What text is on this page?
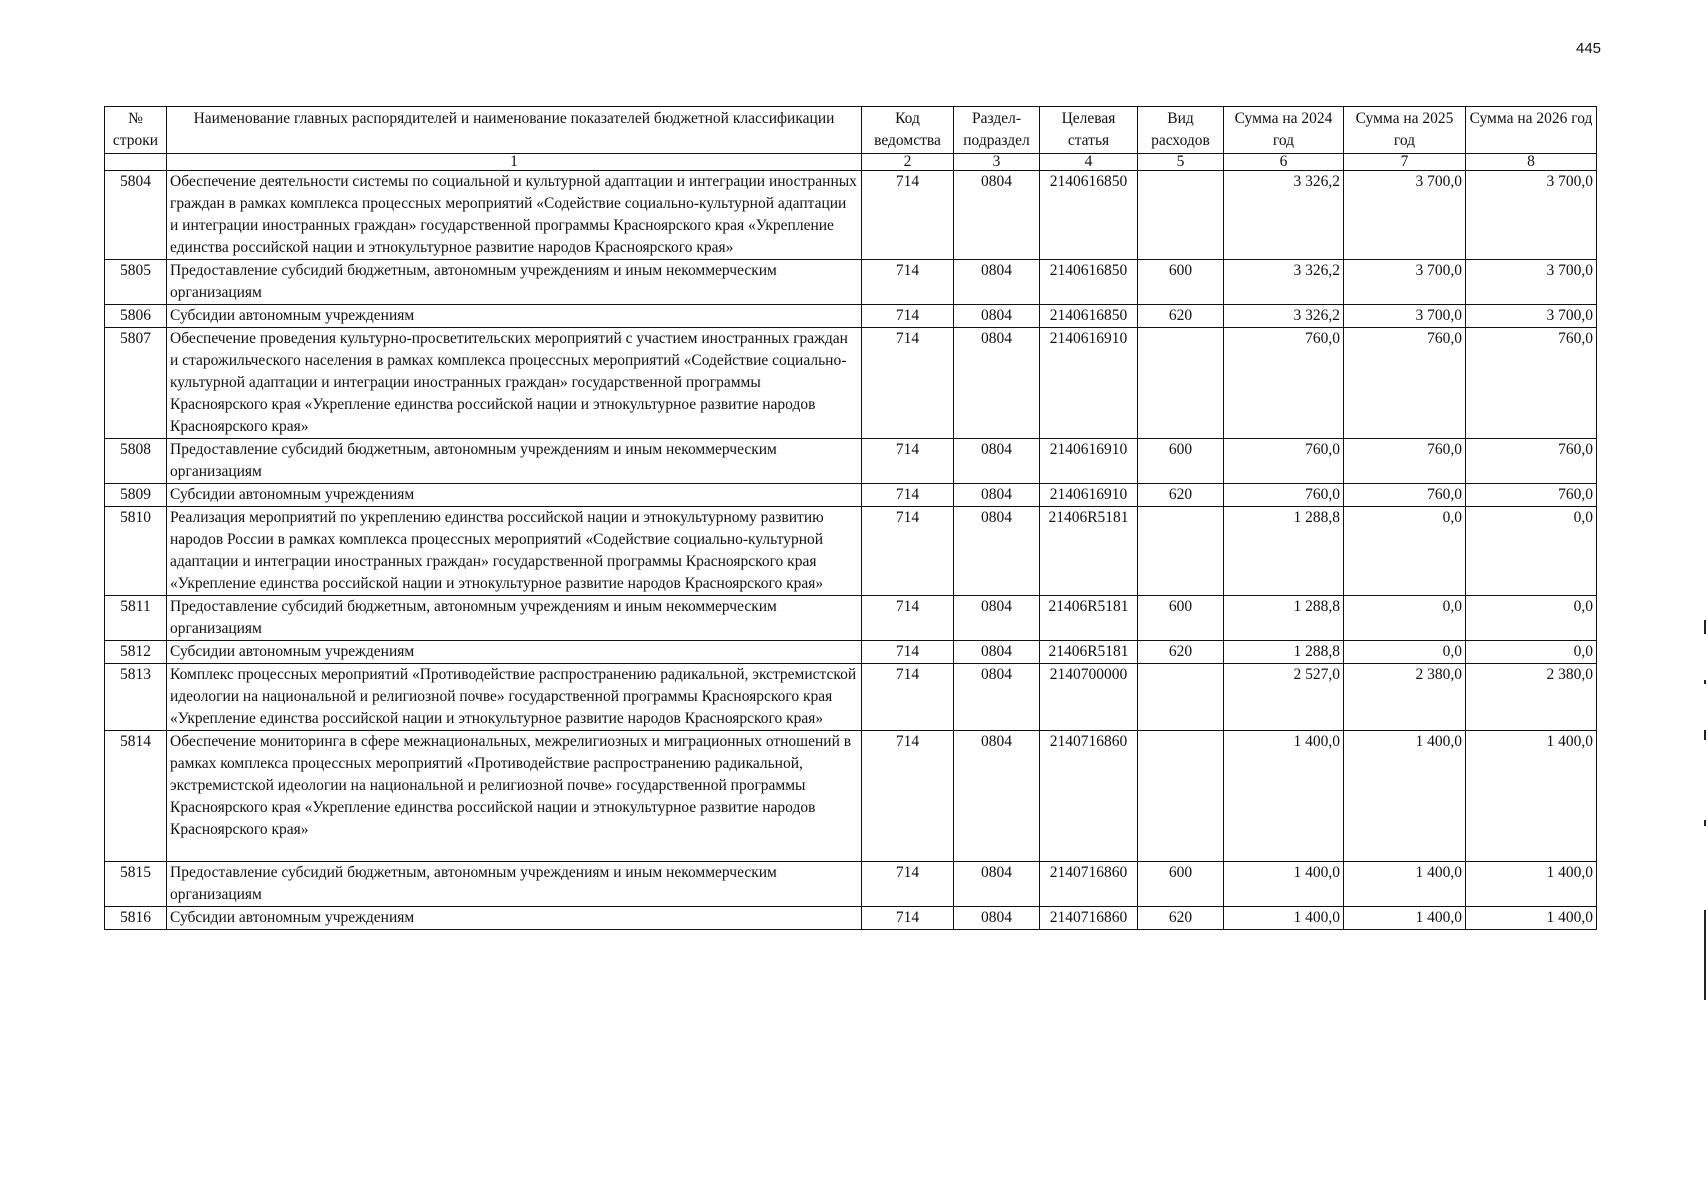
445
№ строки	Наименование главных распорядителей и наименование показателей бюджетной классификации	Код ведомства	Раздел-подраздел	Целевая статья	Вид расходов	Сумма на 2024 год	Сумма на 2025 год	Сумма на 2026 год
	1	2	3	4	5	6	7	8
5804	Обеспечение деятельности системы по социальной и культурной адаптации и интеграции иностранных граждан в рамках комплекса процессных мероприятий «Содействие социально-культурной адаптации и интеграции иностранных граждан» государственной программы Красноярского края «Укрепление единства российской нации и этнокультурное развитие народов Красноярского края»	714	0804	2140616850		3 326,2	3 700,0	3 700,0
5805	Предоставление субсидий бюджетным, автономным учреждениям и иным некоммерческим организациям	714	0804	2140616850	600	3 326,2	3 700,0	3 700,0
5806	Субсидии автономным учреждениям	714	0804	2140616850	620	3 326,2	3 700,0	3 700,0
5807	Обеспечение проведения культурно-просветительских мероприятий с участием иностранных граждан и старожильческого населения в рамках комплекса процессных мероприятий «Содействие социально-культурной адаптации и интеграции иностранных граждан» государственной программы Красноярского края «Укрепление единства российской нации и этнокультурное развитие народов Красноярского края»	714	0804	2140616910		760,0	760,0	760,0
5808	Предоставление субсидий бюджетным, автономным учреждениям и иным некоммерческим организациям	714	0804	2140616910	600	760,0	760,0	760,0
5809	Субсидии автономным учреждениям	714	0804	2140616910	620	760,0	760,0	760,0
5810	Реализация мероприятий по укреплению единства российской нации и этнокультурному развитию народов России в рамках комплекса процессных мероприятий «Содействие социально-культурной адаптации и интеграции иностранных граждан» государственной программы Красноярского края «Укрепление единства российской нации и этнокультурное развитие народов Красноярского края»	714	0804	21406R5181		1 288,8	0,0	0,0
5811	Предоставление субсидий бюджетным, автономным учреждениям и иным некоммерческим организациям	714	0804	21406R5181	600	1 288,8	0,0	0,0
5812	Субсидии автономным учреждениям	714	0804	21406R5181	620	1 288,8	0,0	0,0
5813	Комплекс процессных мероприятий «Противодействие распространению радикальной, экстремистской идеологии на национальной и религиозной почве» государственной программы Красноярского края «Укрепление единства российской нации и этнокультурное развитие народов Красноярского края»	714	0804	2140700000		2 527,0	2 380,0	2 380,0
5814	Обеспечение мониторинга в сфере межнациональных, межрелигиозных и миграционных отношений в рамках комплекса процессных мероприятий «Противодействие распространению радикальной, экстремистской идеологии на национальной и религиозной почве» государственной программы Красноярского края «Укрепление единства российской нации и этнокультурное развитие народов Красноярского края»	714	0804	2140716860		1 400,0	1 400,0	1 400,0
5815	Предоставление субсидий бюджетным, автономным учреждениям и иным некоммерческим организациям	714	0804	2140716860	600	1 400,0	1 400,0	1 400,0
5816	Субсидии автономным учреждениям	714	0804	2140716860	620	1 400,0	1 400,0	1 400,0
